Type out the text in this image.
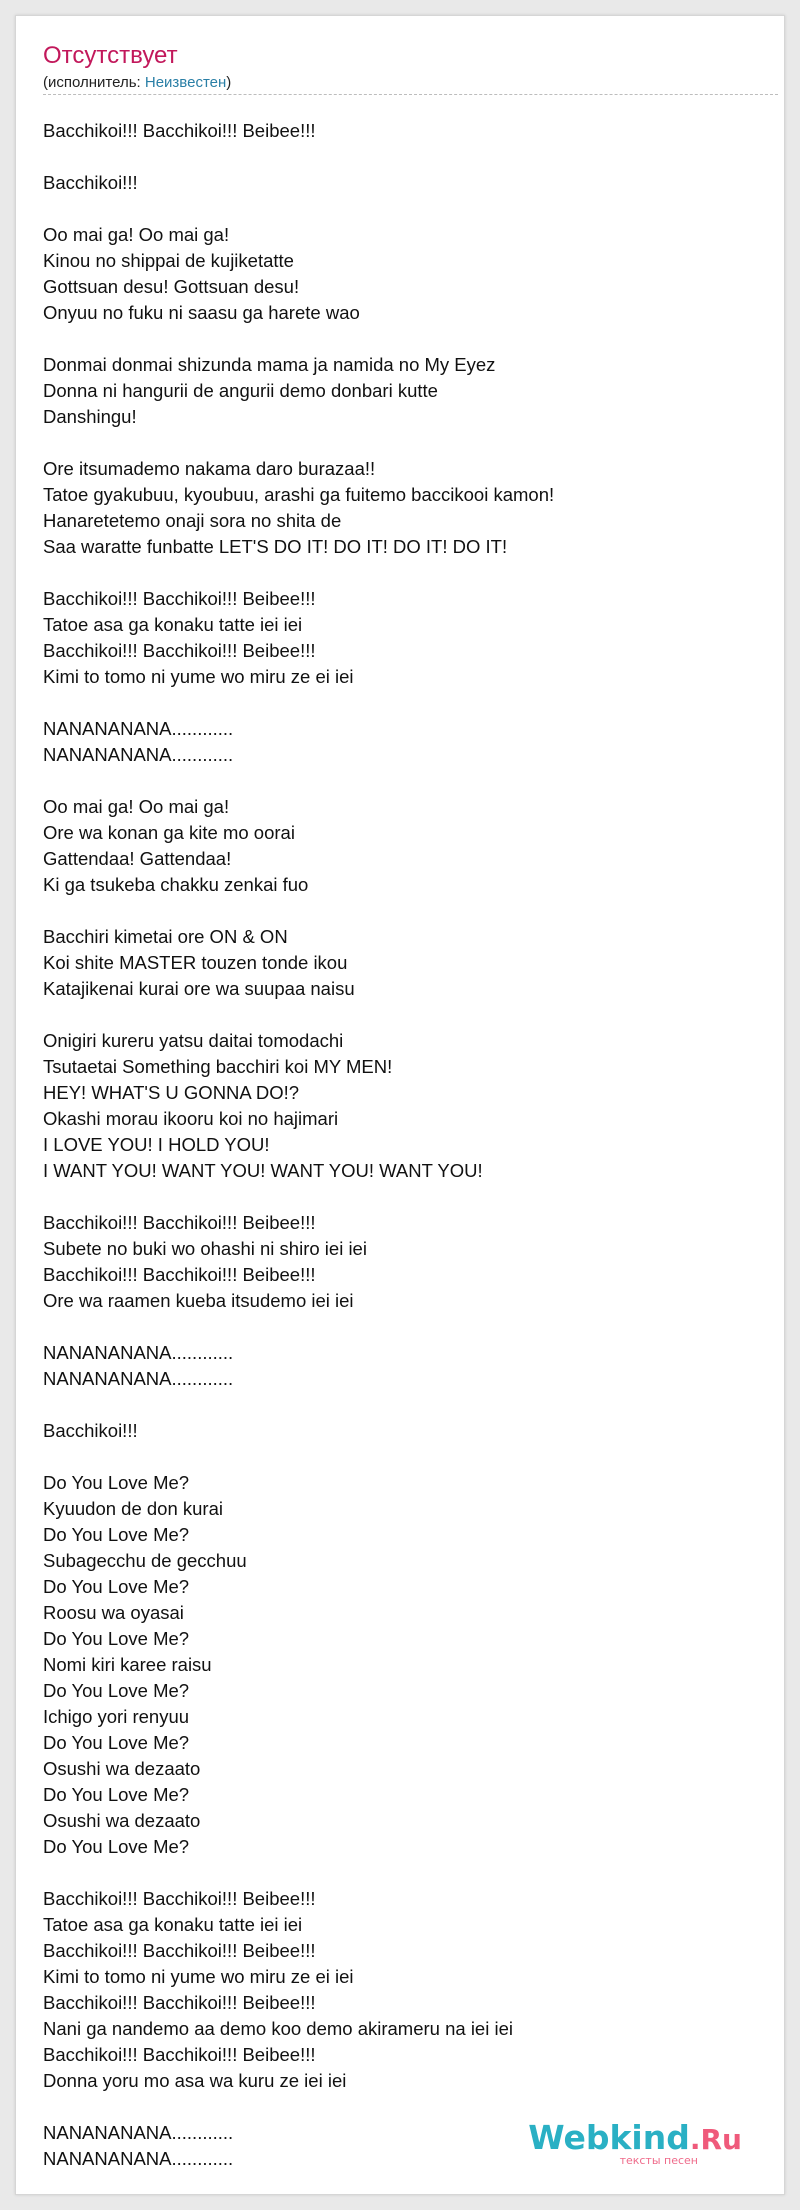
Отсутствует
(исполнитель: Неизвестен)
Bacchikoi!!! Bacchikoi!!! Beibee!!!
Bacchikoi!!!
Oo mai ga! Oo mai ga!
Kinou no shippai de kujiketatte
Gottsuan desu! Gottsuan desu!
Onyuu no fuku ni saasu ga harete wao
Donmai donmai shizunda mama ja namida no My Eyez
Donna ni hangurii de angurii demo donbari kutte
Danshingu!
Ore itsumademo nakama daro burazaa!!
Tatoe gyakubuu, kyoubuu, arashi ga fuitemo baccikooi kamon!
Hanaretetemo onaji sora no shita de
Saa waratte funbatte LET'S DO IT! DO IT! DO IT! DO IT!
Bacchikoi!!! Bacchikoi!!! Beibee!!!
Tatoe asa ga konaku tatte iei iei
Bacchikoi!!! Bacchikoi!!! Beibee!!!
Kimi to tomo ni yume wo miru ze ei iei
NANANANANA............
NANANANANA............
Oo mai ga! Oo mai ga!
Ore wa konan ga kite mo oorai
Gattendaa! Gattendaa!
Ki ga tsukeba chakku zenkai fuo
Bacchiri kimetai ore ON & ON
Koi shite MASTER touzen tonde ikou
Katajikenai kurai ore wa suupaa naisu
Onigiri kureru yatsu daitai tomodachi
Tsutaetai Something bacchiri koi MY MEN!
HEY! WHAT'S U GONNA DO!?
Okashi morau ikooru koi no hajimari
I LOVE YOU! I HOLD YOU!
I WANT YOU! WANT YOU! WANT YOU! WANT YOU!
Bacchikoi!!! Bacchikoi!!! Beibee!!!
Subete no buki wo ohashi ni shiro iei iei
Bacchikoi!!! Bacchikoi!!! Beibee!!!
Ore wa raamen kueba itsudemo iei iei
NANANANANA............
NANANANANA............
Bacchikoi!!!
Do You Love Me?
Kyuudon de don kurai
Do You Love Me?
Subagecchu de gecchuu
Do You Love Me?
Roosu wa oyasai
Do You Love Me?
Nomi kiri karee raisu
Do You Love Me?
Ichigo yori renyuu
Do You Love Me?
Osushi wa dezaato
Do You Love Me?
Osushi wa dezaato
Do You Love Me?
Bacchikoi!!! Bacchikoi!!! Beibee!!!
Tatoe asa ga konaku tatte iei iei
Bacchikoi!!! Bacchikoi!!! Beibee!!!
Kimi to tomo ni yume wo miru ze ei iei
Bacchikoi!!! Bacchikoi!!! Beibee!!!
Nani ga nandemo aa demo koo demo akirameru na iei iei
Bacchikoi!!! Bacchikoi!!! Beibee!!!
Donna yoru mo asa wa kuru ze iei iei
NANANANANA............
NANANANANA............
Webkind.Ru
тексты песен
